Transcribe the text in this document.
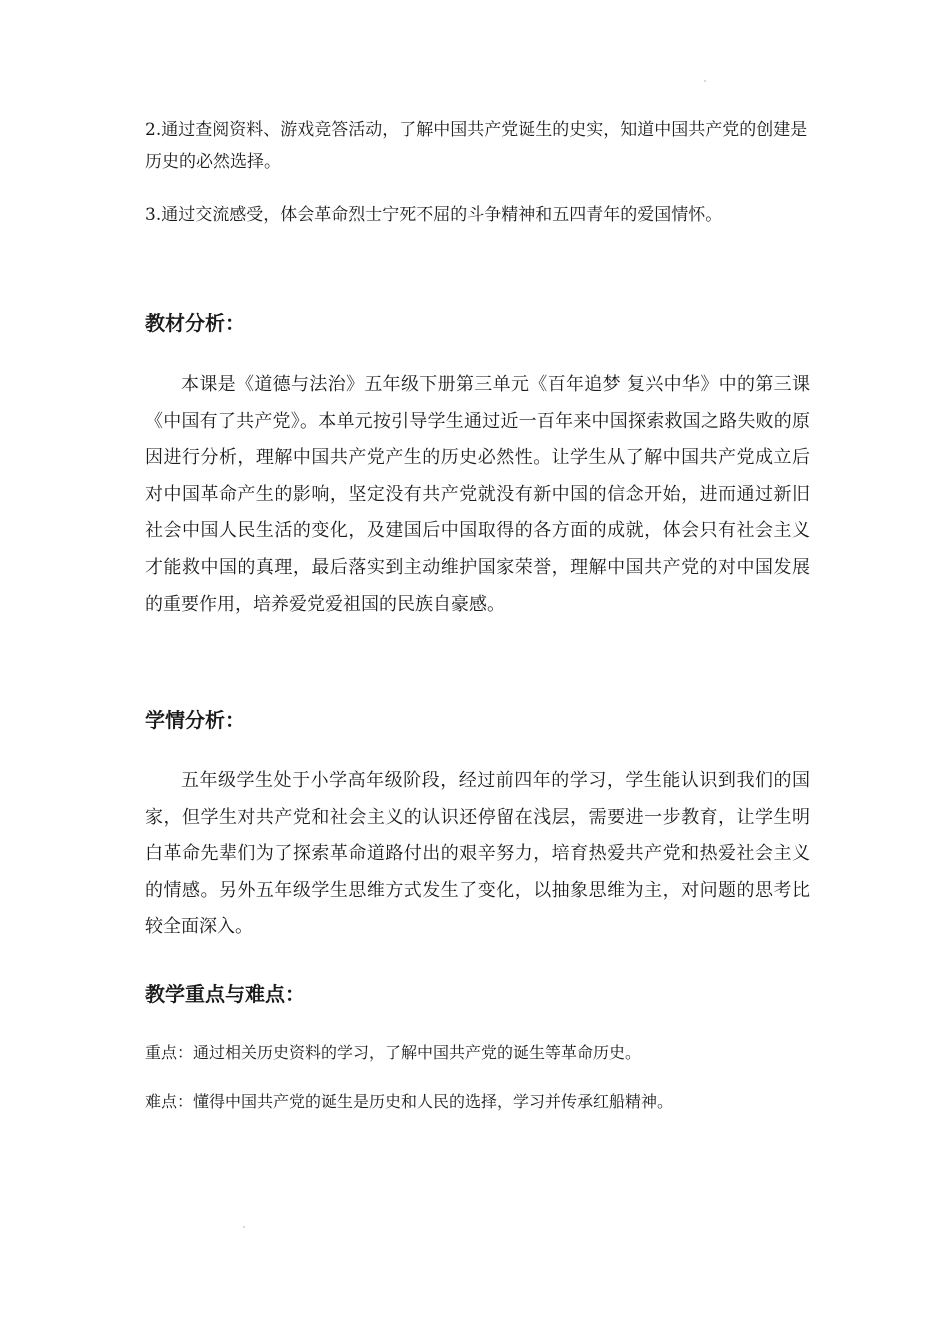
2.通过查阅资料、游戏竞答活动，了解中国共产党诞生的史实，知道中国共产党的创建是历史的必然选择。

3.通过交流感受，体会革命烈士宁死不屈的斗争精神和五四青年的爱国情怀。

教材分析：

本课是《道德与法治》五年级下册第三单元《百年追梦 复兴中华》中的第三课《中国有了共产党》。本单元按引导学生通过近一百年来中国探索救国之路失败的原因进行分析，理解中国共产党产生的历史必然性。让学生从了解中国共产党成立后对中国革命产生的影响，坚定没有共产党就没有新中国的信念开始，进而通过新旧社会中国人民生活的变化，及建国后中国取得的各方面的成就，体会只有社会主义才能救中国的真理，最后落实到主动维护国家荣誉，理解中国共产党的对中国发展的重要作用，培养爱党爱祖国的民族自豪感。

学情分析：

五年级学生处于小学高年级阶段，经过前四年的学习，学生能认识到我们的国家，但学生对共产党和社会主义的认识还停留在浅层，需要进一步教育，让学生明白革命先辈们为了探索革命道路付出的艰辛努力，培育热爱共产党和热爱社会主义的情感。另外五年级学生思维方式发生了变化，以抽象思维为主，对问题的思考比较全面深入。

教学重点与难点：

重点：通过相关历史资料的学习，了解中国共产党的诞生等革命历史。

难点：懂得中国共产党的诞生是历史和人民的选择，学习并传承红船精神。
